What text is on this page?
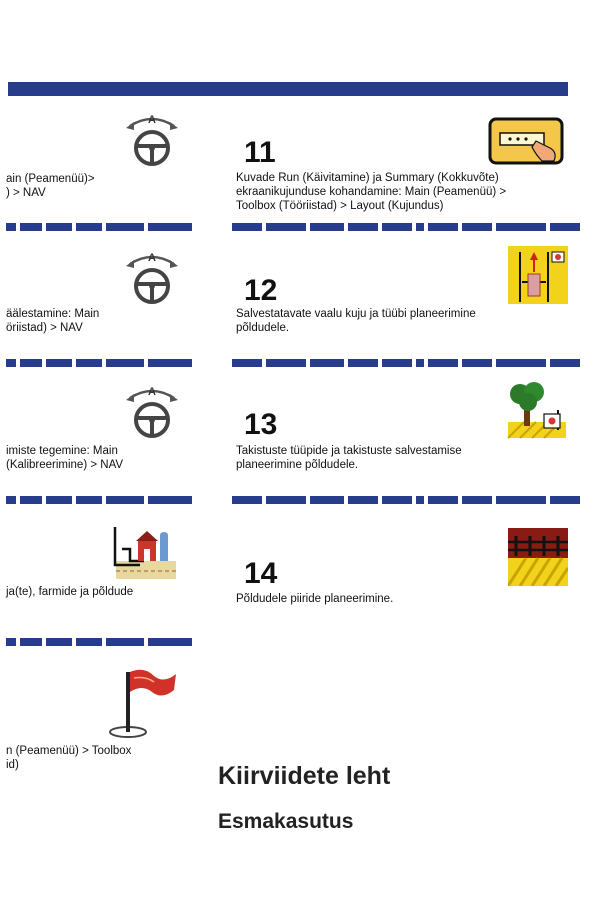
A
ain (Peamenüü)>
) > NAV
A
äälestamine: Main
öriistad) > NAV
A
imiste tegemine: Main
(Kalibreerimine) > NAV
ja(te), farmide ja põldude
n (Peamenüü) > Toolbox
id)
11
Kuvade Run (Käivitamine) ja Summary (Kokkuvõte)
ekraanikujunduse kohandamine: Main (Peamenüü) >
Toolbox (Tööriistad) > Layout (Kujundus)
12
Salvestatavate vaalu kuju ja tüübi planeerimine
põldudele.
13
Takistuste tüüpide ja takistuste salvestamise
planeerimine põldudele.
14
Põldudele piiride planeerimine.
Kiirviidete leht
Esmakasutus
